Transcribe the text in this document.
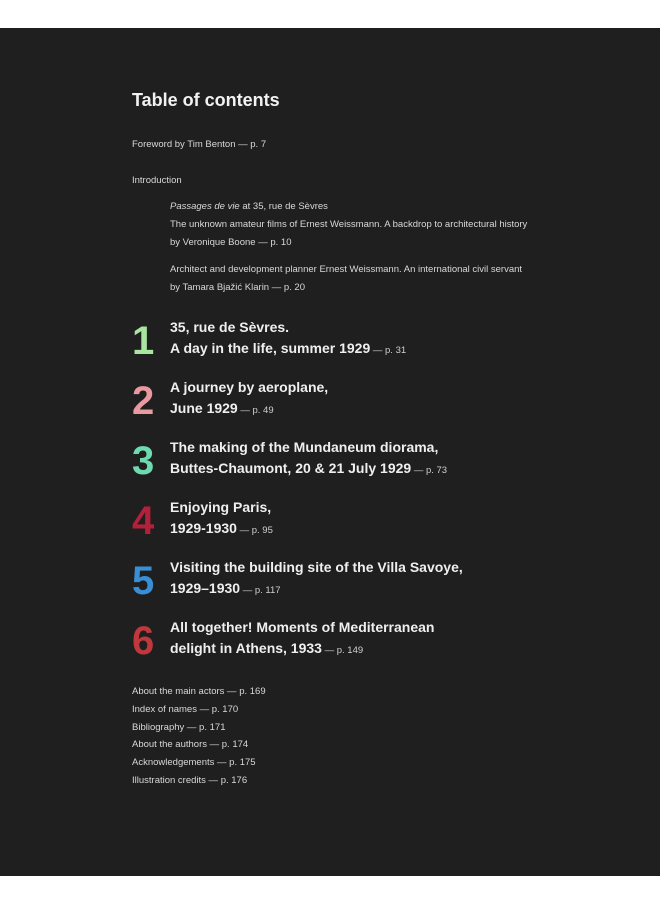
Table of contents
Foreword by Tim Benton — p. 7
Introduction
Passages de vie at 35, rue de Sèvres
The unknown amateur films of Ernest Weissmann. A backdrop to architectural history
by Veronique Boone — p. 10
Architect and development planner Ernest Weissmann. An international civil servant
by Tamara Bjažić Klarin — p. 20
1	35, rue de Sèvres.
A day in the life, summer 1929 — p. 31
2	A journey by aeroplane,
June 1929 — p. 49
3	The making of the Mundaneum diorama,
Buttes-Chaumont, 20 & 21 July 1929 — p. 73
4	Enjoying Paris,
1929-1930 — p. 95
5	Visiting the building site of the Villa Savoye,
1929–1930 — p. 117
6	All together! Moments of Mediterranean
delight in Athens, 1933 — p. 149
About the main actors — p. 169
Index of names — p. 170
Bibliography — p. 171
About the authors — p. 174
Acknowledgements — p. 175
Illustration credits — p. 176
